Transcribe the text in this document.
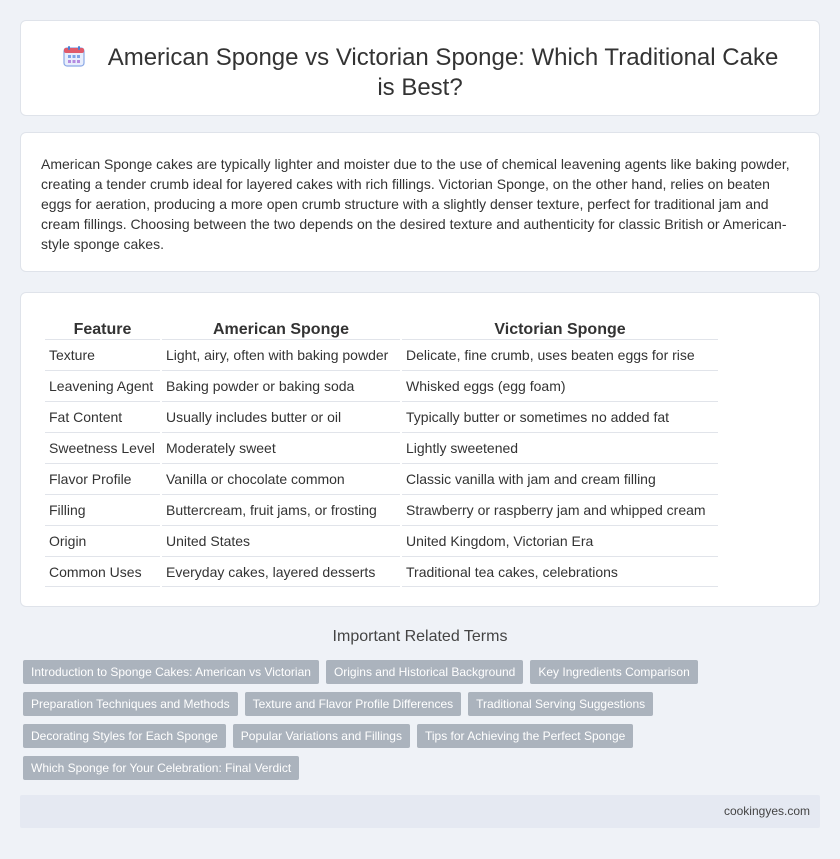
American Sponge vs Victorian Sponge: Which Traditional Cake is Best?

American Sponge cakes are typically lighter and moister due to the use of chemical leavening agents like baking powder, creating a tender crumb ideal for layered cakes with rich fillings. Victorian Sponge, on the other hand, relies on beaten eggs for aeration, producing a more open crumb structure with a slightly denser texture, perfect for traditional jam and cream fillings. Choosing between the two depends on the desired texture and authenticity for classic British or American-style sponge cakes.

Feature	American Sponge	Victorian Sponge
Texture	Light, airy, often with baking powder	Delicate, fine crumb, uses beaten eggs for rise
Leavening Agent	Baking powder or baking soda	Whisked eggs (egg foam)
Fat Content	Usually includes butter or oil	Typically butter or sometimes no added fat
Sweetness Level	Moderately sweet	Lightly sweetened
Flavor Profile	Vanilla or chocolate common	Classic vanilla with jam and cream filling
Filling	Buttercream, fruit jams, or frosting	Strawberry or raspberry jam and whipped cream
Origin	United States	United Kingdom, Victorian Era
Common Uses	Everyday cakes, layered desserts	Traditional tea cakes, celebrations
Important Related Terms
Introduction to Sponge Cakes: American vs Victorian	Origins and Historical Background	Key Ingredients Comparison
Preparation Techniques and Methods	Texture and Flavor Profile Differences	Traditional Serving Suggestions
Decorating Styles for Each Sponge	Popular Variations and Fillings	Tips for Achieving the Perfect Sponge
Which Sponge for Your Celebration: Final Verdict
cookingyes.com
